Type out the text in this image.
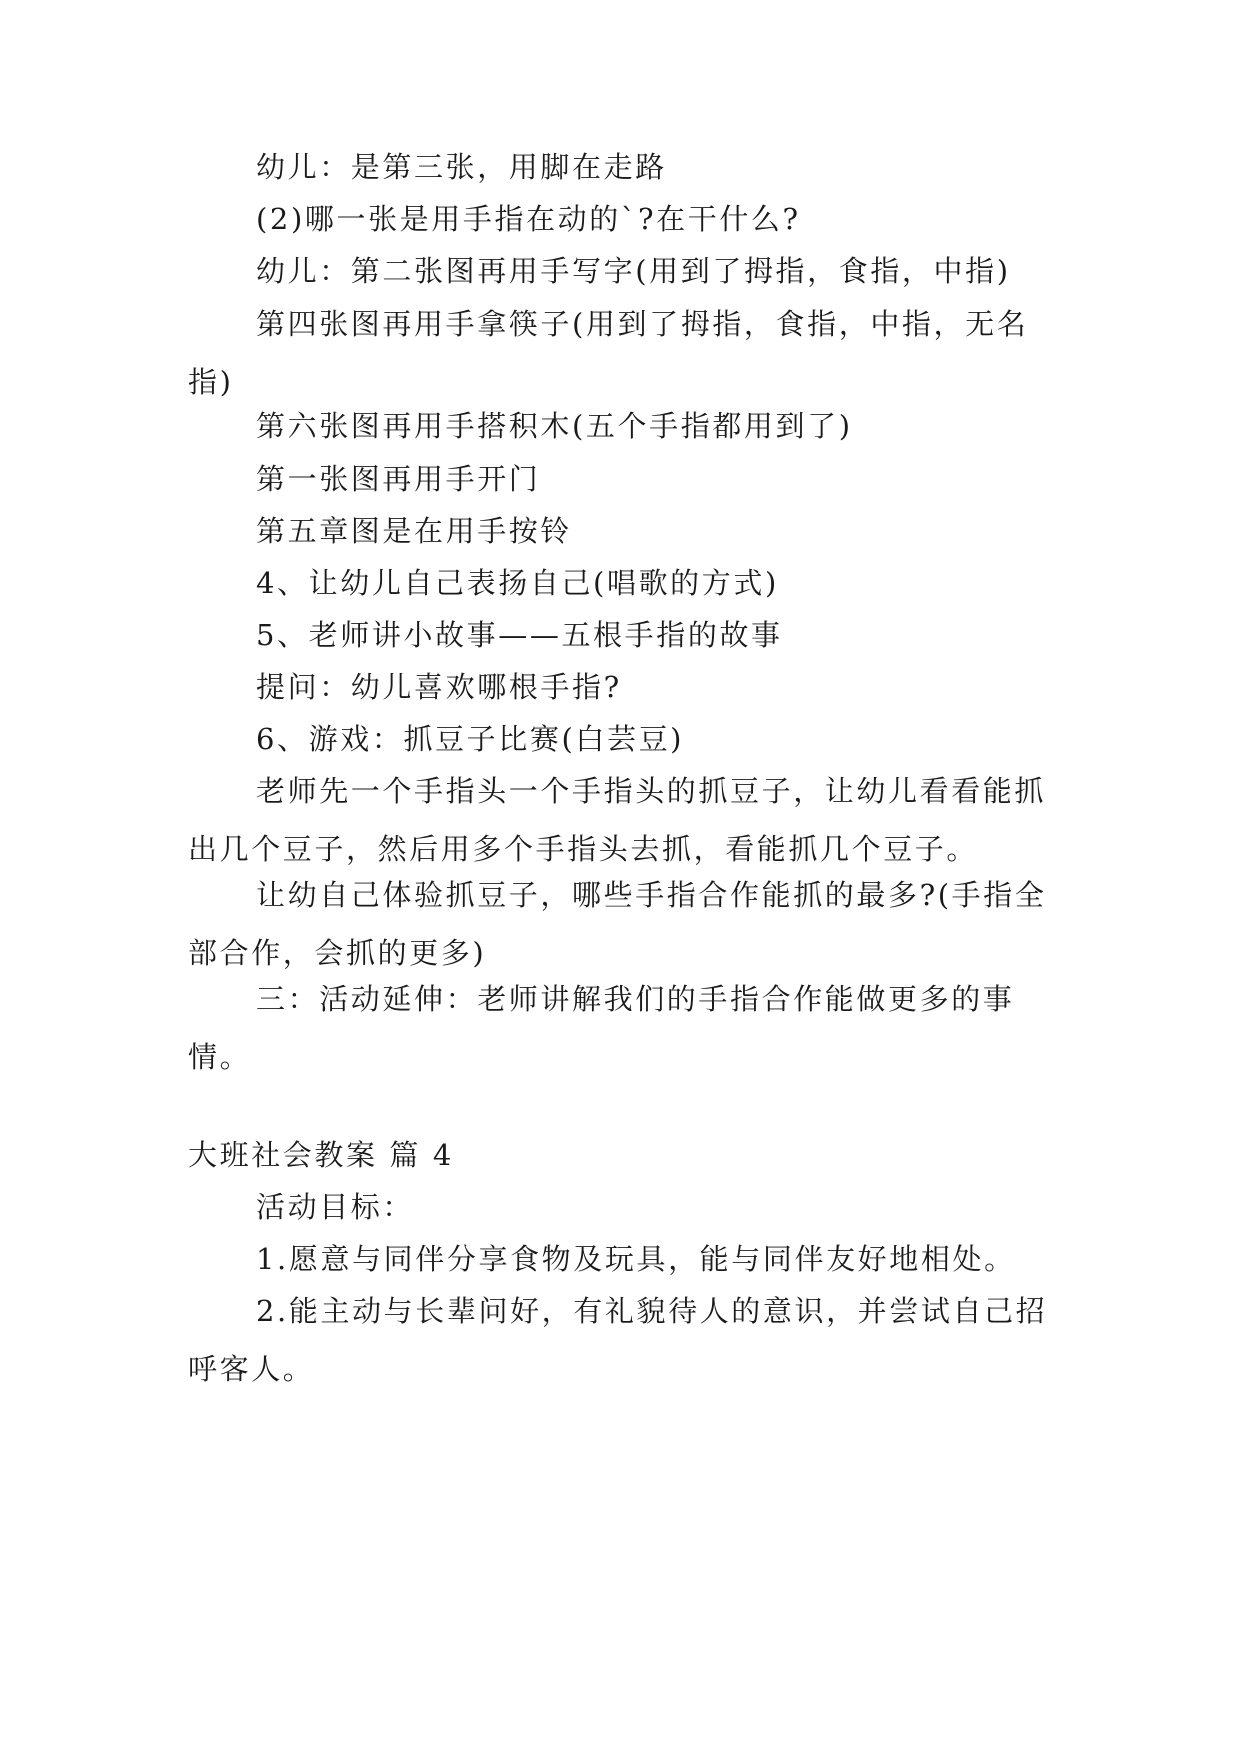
幼儿：是第三张，用脚在走路

(2)哪一张是用手指在动的`?在干什么?

幼儿：第二张图再用手写字(用到了拇指，食指，中指)

第四张图再用手拿筷子(用到了拇指，食指，中指，无名指)

第六张图再用手搭积木(五个手指都用到了)

第一张图再用手开门

第五章图是在用手按铃

4、让幼儿自己表扬自己(唱歌的方式)

5、老师讲小故事——五根手指的故事

提问：幼儿喜欢哪根手指?

6、游戏：抓豆子比赛(白芸豆)

老师先一个手指头一个手指头的抓豆子，让幼儿看看能抓出几个豆子，然后用多个手指头去抓，看能抓几个豆子。

让幼自己体验抓豆子，哪些手指合作能抓的最多?(手指全部合作，会抓的更多)

三：活动延伸：老师讲解我们的手指合作能做更多的事情。

大班社会教案 篇 4

活动目标：

1.愿意与同伴分享食物及玩具，能与同伴友好地相处。

2.能主动与长辈问好，有礼貌待人的意识，并尝试自己招呼客人。
